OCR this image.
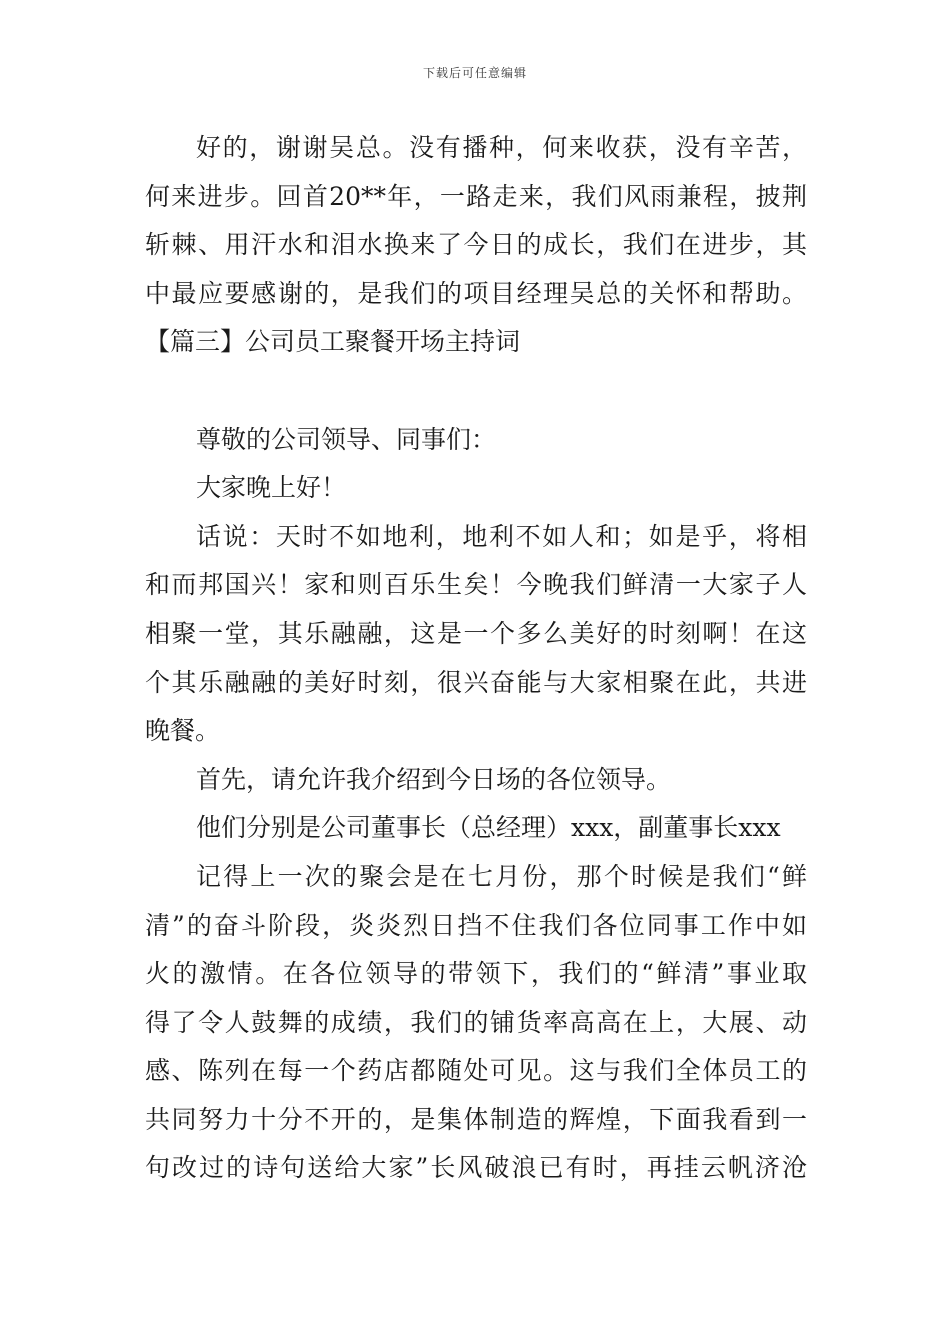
下载后可任意编辑
好的，谢谢吴总。没有播种，何来收获，没有辛苦，
何来进步。回首20**年，一路走来，我们风雨兼程，披荆
斩棘、用汗水和泪水换来了今日的成长，我们在进步，其
中最应要感谢的，是我们的项目经理吴总的关怀和帮助。
【篇三】公司员工聚餐开场主持词
尊敬的公司领导、同事们：
大家晚上好！
话说：天时不如地利，地利不如人和；如是乎，将相
和而邦国兴！家和则百乐生矣！今晚我们鲜清一大家子人
相聚一堂，其乐融融，这是一个多么美好的时刻啊！在这
个其乐融融的美好时刻，很兴奋能与大家相聚在此，共进
晚餐。
首先，请允许我介绍到今日场的各位领导。
他们分别是公司董事长（总经理）xxx，副董事长xxx
记得上一次的聚会是在七月份，那个时候是我们“鲜
清”的奋斗阶段，炎炎烈日挡不住我们各位同事工作中如
火的激情。在各位领导的带领下，我们的“鲜清”事业取
得了令人鼓舞的成绩，我们的铺货率高高在上，大展、动
感、陈列在每一个药店都随处可见。这与我们全体员工的
共同努力十分不开的，是集体制造的辉煌，下面我看到一
句改过的诗句送给大家”长风破浪已有时，再挂云帆济沧
